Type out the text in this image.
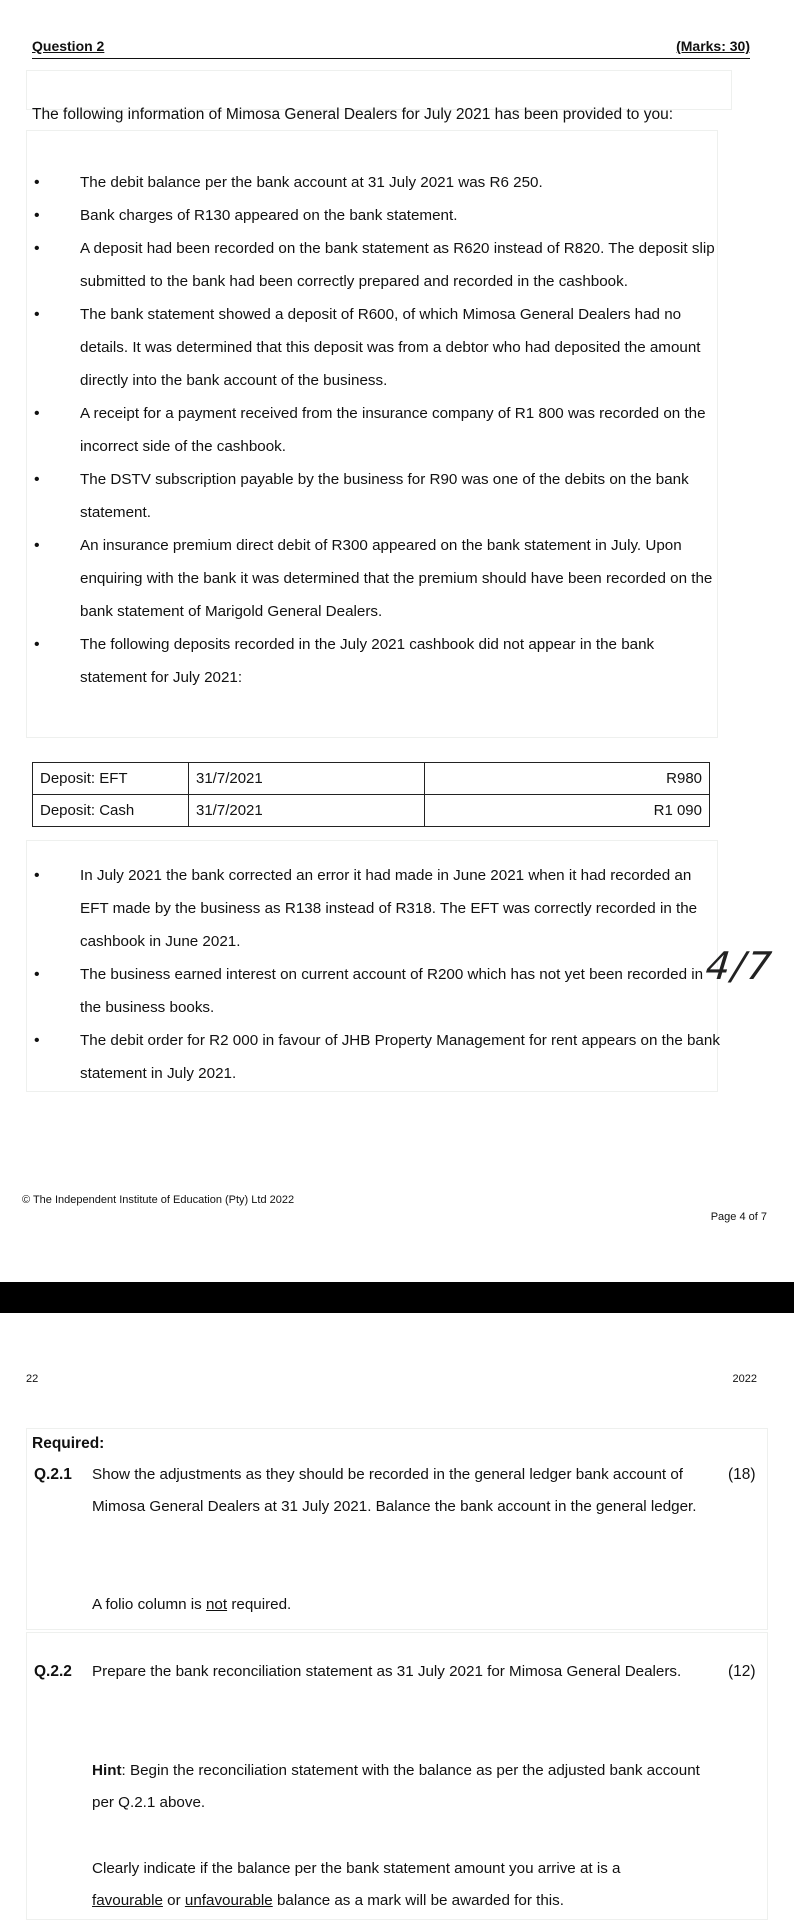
Question 2	(Marks: 30)
The following information of Mimosa General Dealers for July 2021 has been provided to you:
• The debit balance per the bank account at 31 July 2021 was R6 250.
• Bank charges of R130 appeared on the bank statement.
• A deposit had been recorded on the bank statement as R620 instead of R820. The deposit slip submitted to the bank had been correctly prepared and recorded in the cashbook.
• The bank statement showed a deposit of R600, of which Mimosa General Dealers had no details. It was determined that this deposit was from a debtor who had deposited the amount directly into the bank account of the business.
• A receipt for a payment received from the insurance company of R1 800 was recorded on the incorrect side of the cashbook.
• The DSTV subscription payable by the business for R90 was one of the debits on the bank statement.
• An insurance premium direct debit of R300 appeared on the bank statement in July. Upon enquiring with the bank it was determined that the premium should have been recorded on the bank statement of Marigold General Dealers.
• The following deposits recorded in the July 2021 cashbook did not appear in the bank statement for July 2021:
Deposit: EFT	31/7/2021	R980
Deposit: Cash	31/7/2021	R1 090
• In July 2021 the bank corrected an error it had made in June 2021 when it had recorded an EFT made by the business as R138 instead of R318. The EFT was correctly recorded in the cashbook in June 2021.
• The business earned interest on current account of R200 which has not yet been recorded in the business books.
• The debit order for R2 000 in favour of JHB Property Management for rent appears on the bank statement in July 2021.
4/7
© The Independent Institute of Education (Pty) Ltd 2022
Page 4 of 7
22	2022
Required:
Q.2.1 Show the adjustments as they should be recorded in the general ledger bank account of Mimosa General Dealers at 31 July 2021. Balance the bank account in the general ledger.
(18)
A folio column is not required.
Q.2.2 Prepare the bank reconciliation statement as 31 July 2021 for Mimosa General Dealers.	(12)
Hint: Begin the reconciliation statement with the balance as per the adjusted bank account per Q.2.1 above.
Clearly indicate if the balance per the bank statement amount you arrive at is a
favourable or unfavourable balance as a mark will be awarded for this.
